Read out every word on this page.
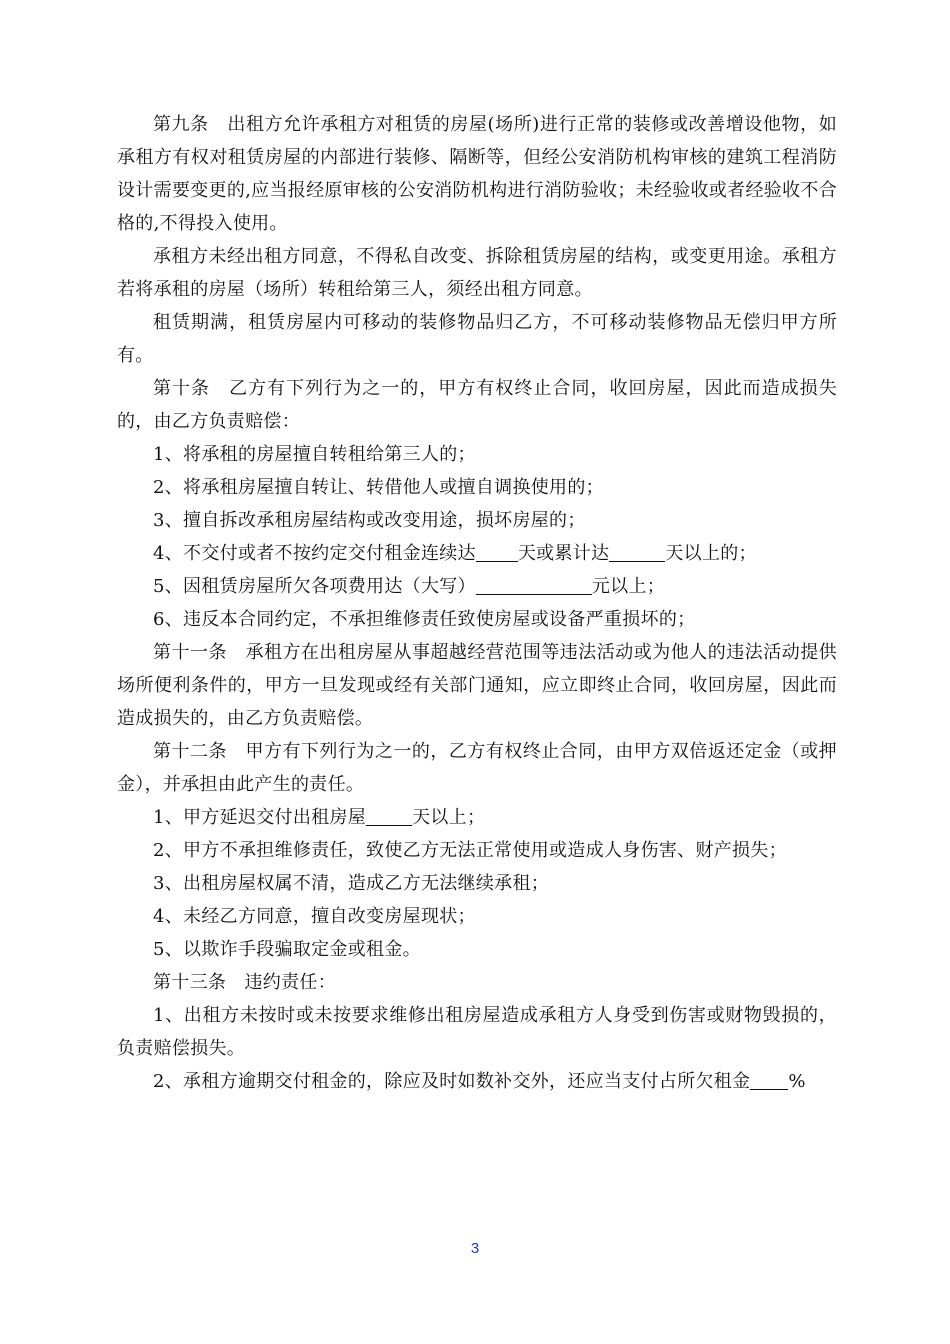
第九条　出租方允许承租方对租赁的房屋(场所)进行正常的装修或改善增设他物，如承租方有权对租赁房屋的内部进行装修、隔断等，但经公安消防机构审核的建筑工程消防设计需要变更的,应当报经原审核的公安消防机构进行消防验收；未经验收或者经验收不合格的,不得投入使用。

承租方未经出租方同意，不得私自改变、拆除租赁房屋的结构，或变更用途。承租方若将承租的房屋（场所）转租给第三人，须经出租方同意。

租赁期满，租赁房屋内可移动的装修物品归乙方，不可移动装修物品无偿归甲方所有。

第十条　乙方有下列行为之一的，甲方有权终止合同，收回房屋，因此而造成损失的，由乙方负责赔偿：

1、将承租的房屋擅自转租给第三人的；

2、将承租房屋擅自转让、转借他人或擅自调换使用的；

3、擅自拆改承租房屋结构或改变用途，损坏房屋的；

4、不交付或者不按约定交付租金连续达 天或累计达	天以上的；

5、因租赁房屋所欠各项费用达（大写）	元以上；

6、违反本合同约定，不承担维修责任致使房屋或设备严重损坏的；

第十一条　承租方在出租房屋从事超越经营范围等违法活动或为他人的违法活动提供场所便利条件的，甲方一旦发现或经有关部门通知，应立即终止合同，收回房屋，因此而造成损失的，由乙方负责赔偿。

第十二条　甲方有下列行为之一的，乙方有权终止合同，由甲方双倍返还定金（或押金），并承担由此产生的责任。

1、甲方延迟交付出租房屋	天以上；

2、甲方不承担维修责任，致使乙方无法正常使用或造成人身伤害、财产损失；

3、出租房屋权属不清，造成乙方无法继续承租；

4、未经乙方同意，擅自改变房屋现状；

5、以欺诈手段骗取定金或租金。

第十三条　违约责任：

1、出租方未按时或未按要求维修出租房屋造成承租方人身受到伤害或财物毁损的，负责赔偿损失。

2、承租方逾期交付租金的，除应及时如数补交外，还应当支付占所欠租金 %

3
